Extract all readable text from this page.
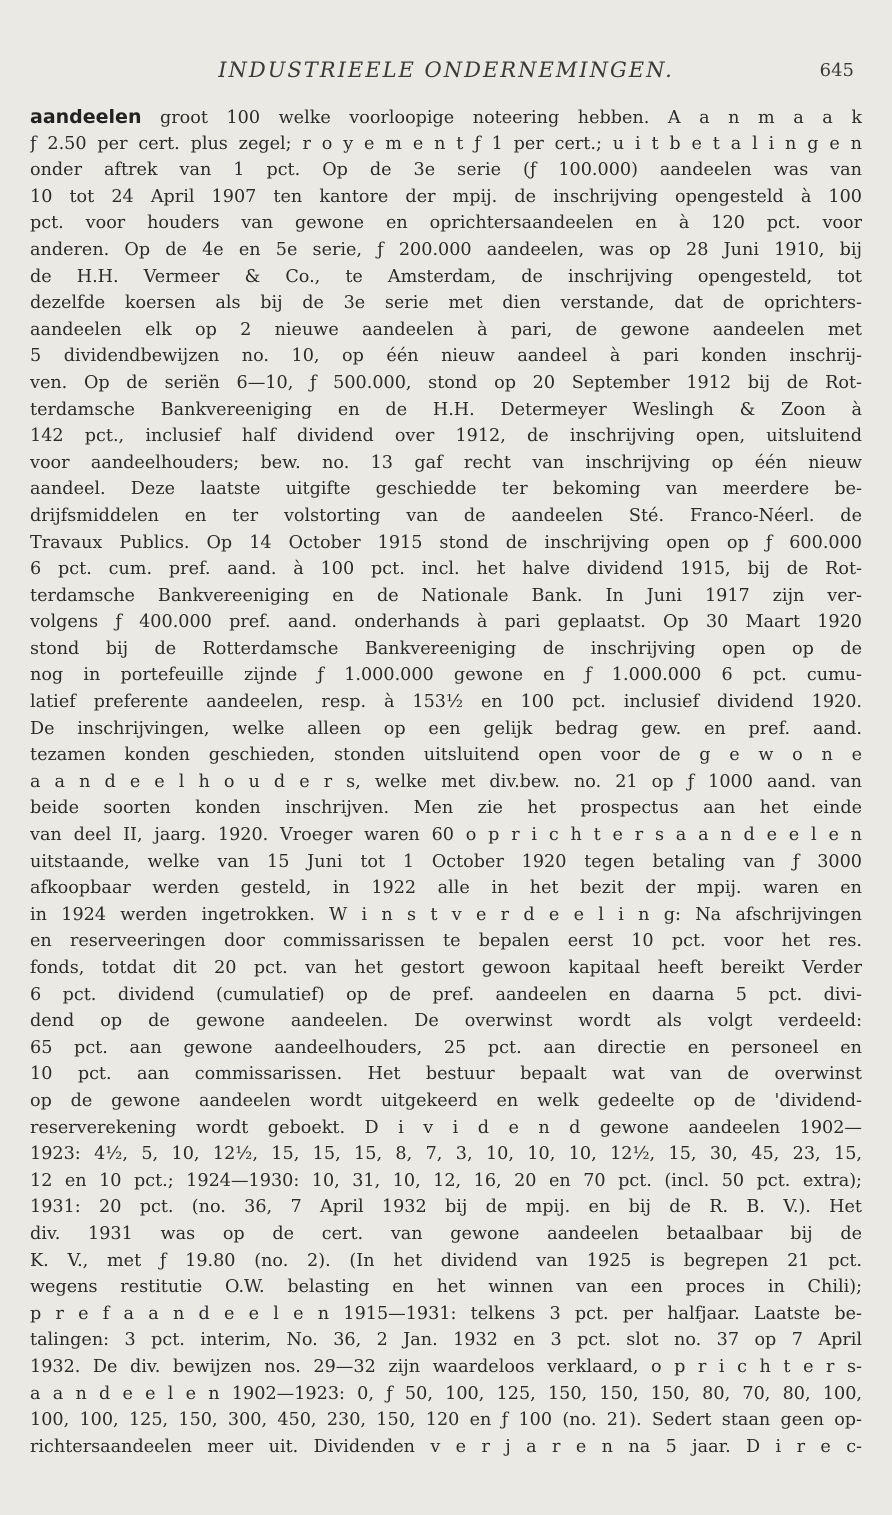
INDUSTRIEELE ONDERNEMINGEN.	645
aandeelen groot 100 welke voorloopige noteering hebben. A a n m a a k
ƒ 2.50 per cert. plus zegel; r o y e m e n t ƒ 1 per cert.; u i t b e t a l i n g e n
onder aftrek van 1 pct. Op de 3e serie (ƒ 100.000) aandeelen was van
10 tot 24 April 1907 ten kantore der mpij. de inschrijving opengesteld à 100
pct. voor houders van gewone en oprichtersaandeelen en à 120 pct. voor
anderen. Op de 4e en 5e serie, ƒ 200.000 aandeelen, was op 28 Juni 1910, bij
de H.H. Vermeer & Co., te Amsterdam, de inschrijving opengesteld, tot
dezelfde koersen als bij de 3e serie met dien verstande, dat de oprichters-
aandeelen elk op 2 nieuwe aandeelen à pari, de gewone aandeelen met
5 dividendbewijzen no. 10, op één nieuw aandeel à pari konden inschrij-
ven. Op de seriën 6—10, ƒ 500.000, stond op 20 September 1912 bij de Rot-
terdamsche Bankvereeniging en de H.H. Determeyer Weslingh & Zoon à
142 pct., inclusief half dividend over 1912, de inschrijving open, uitsluitend
voor aandeelhouders; bew. no. 13 gaf recht van inschrijving op één nieuw
aandeel. Deze laatste uitgifte geschiedde ter bekoming van meerdere be-
drijfsmiddelen en ter volstorting van de aandeelen Sté. Franco-Néerl. de
Travaux Publics. Op 14 October 1915 stond de inschrijving open op ƒ 600.000
6 pct. cum. pref. aand. à 100 pct. incl. het halve dividend 1915, bij de Rot-
terdamsche Bankvereeniging en de Nationale Bank. In Juni 1917 zijn ver-
volgens ƒ 400.000 pref. aand. onderhands à pari geplaatst. Op 30 Maart 1920
stond bij de Rotterdamsche Bankvereeniging de inschrijving open op de
nog in portefeuille zijnde ƒ 1.000.000 gewone en ƒ 1.000.000 6 pct. cumu-
latief preferente aandeelen, resp. à 153½ en 100 pct. inclusief dividend 1920.
De inschrijvingen, welke alleen op een gelijk bedrag gew. en pref. aand.
tezamen konden geschieden, stonden uitsluitend open voor de g e w o n e
a a n d e e l h o u d e r s, welke met div.bew. no. 21 op ƒ 1000 aand. van
beide soorten konden inschrijven. Men zie het prospectus aan het einde
van deel II, jaarg. 1920. Vroeger waren 60 o p r i c h t e r s a a n d e e l e n
uitstaande, welke van 15 Juni tot 1 October 1920 tegen betaling van ƒ 3000
afkoopbaar werden gesteld, in 1922 alle in het bezit der mpij. waren en
in 1924 werden ingetrokken. W i n s t v e r d e e l i n g: Na afschrijvingen
en reserveeringen door commissarissen te bepalen eerst 10 pct. voor het res.
fonds, totdat dit 20 pct. van het gestort gewoon kapitaal heeft bereikt Verder
6 pct. dividend (cumulatief) op de pref. aandeelen en daarna 5 pct. divi-
dend op de gewone aandeelen. De overwinst wordt als volgt verdeeld:
65 pct. aan gewone aandeelhouders, 25 pct. aan directie en personeel en
10 pct. aan commissarissen. Het bestuur bepaalt wat van de overwinst
op de gewone aandeelen wordt uitgekeerd en welk gedeelte op de 'dividend-
reserverekening wordt geboekt. D i v i d e n d gewone aandeelen 1902—
1923: 4½, 5, 10, 12½, 15, 15, 15, 8, 7, 3, 10, 10, 10, 12½, 15, 30, 45, 23, 15,
12 en 10 pct.; 1924—1930: 10, 31, 10, 12, 16, 20 en 70 pct. (incl. 50 pct. extra);
1931: 20 pct. (no. 36, 7 April 1932 bij de mpij. en bij de R. B. V.). Het
div. 1931 was op de cert. van gewone aandeelen betaalbaar bij de
K. V., met ƒ 19.80 (no. 2). (In het dividend van 1925 is begrepen 21 pct.
wegens restitutie O.W. belasting en het winnen van een proces in Chili);
p r e f a a n d e e l e n 1915—1931: telkens 3 pct. per halfjaar. Laatste be-
talingen: 3 pct. interim, No. 36, 2 Jan. 1932 en 3 pct. slot no. 37 op 7 April
1932. De div. bewijzen nos. 29—32 zijn waardeloos verklaard, o p r i c h t e r s-
a a n d e e l e n 1902—1923: 0, ƒ 50, 100, 125, 150, 150, 150, 80, 70, 80, 100,
100, 100, 125, 150, 300, 450, 230, 150, 120 en ƒ 100 (no. 21). Sedert staan geen op-
richtersaandeelen meer uit. Dividenden v e r j a r e n na 5 jaar. D i r e c-
